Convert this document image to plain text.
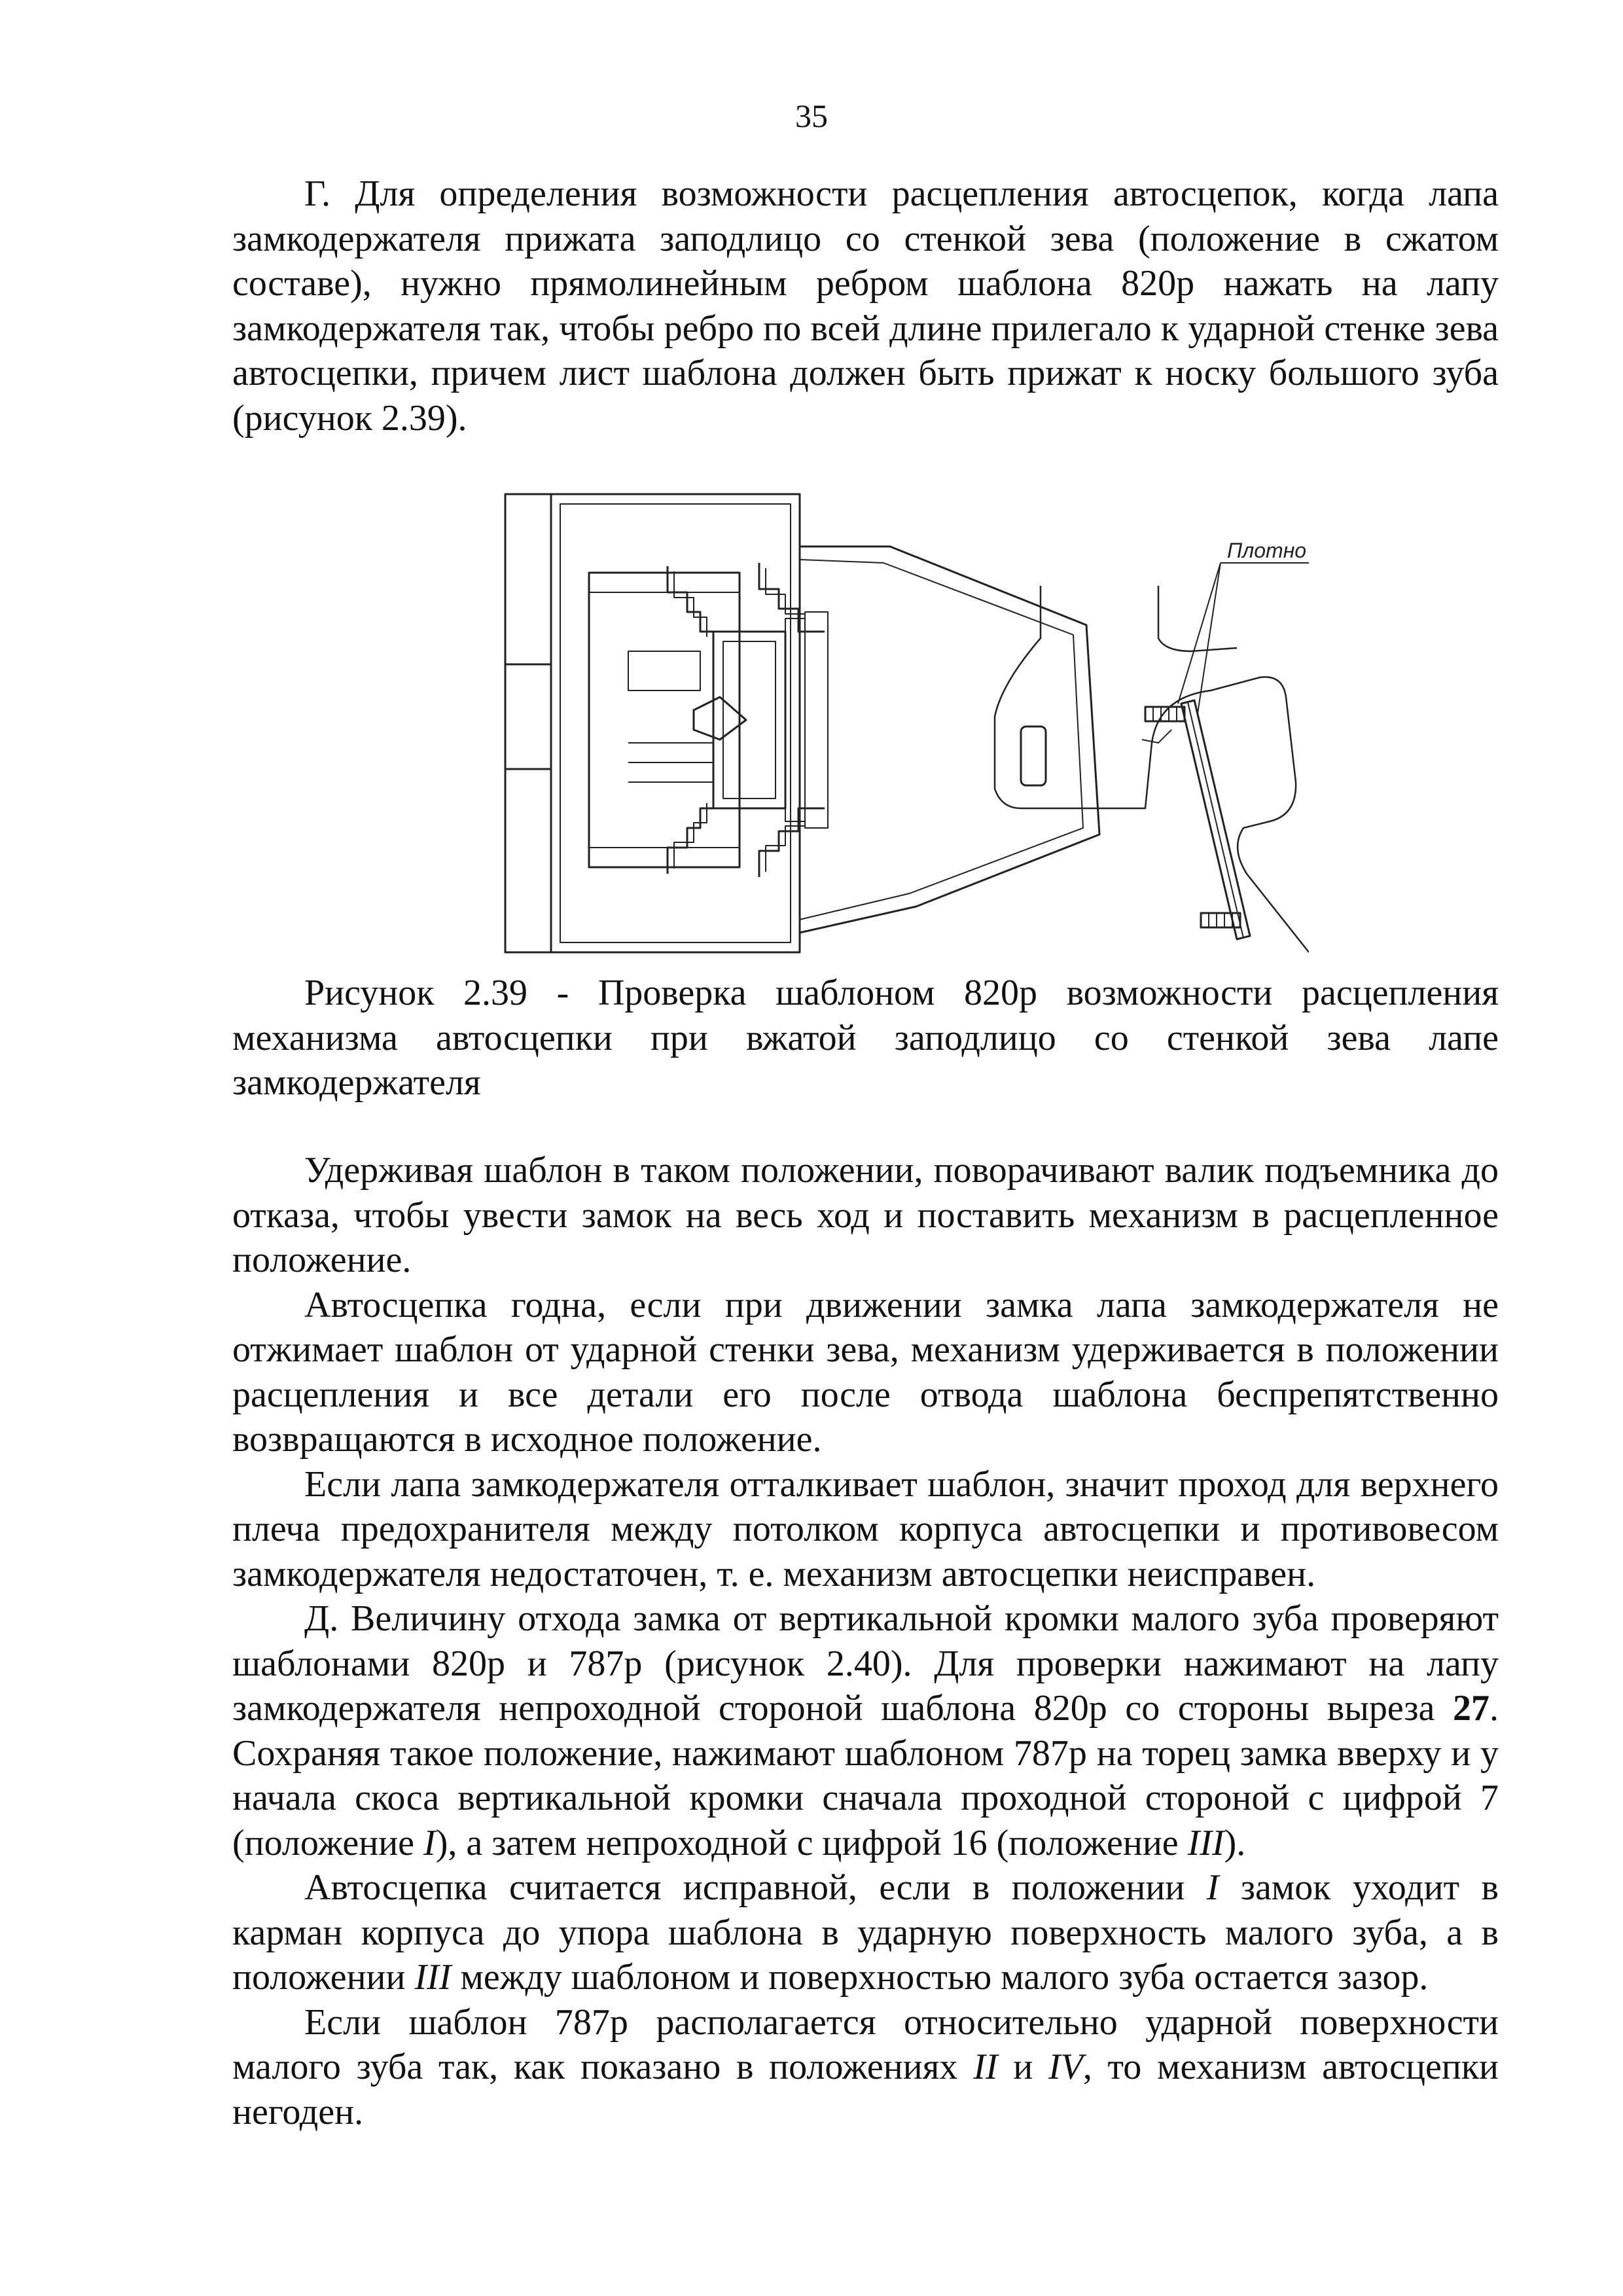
35

Г. Для определения возможности расцепления автосцепок, когда лапа замкодержателя прижата заподлицо со стенкой зева (положение в сжатом составе), нужно прямолинейным ребром шаблона 820р нажать на лапу замкодержателя так, чтобы ребро по всей длине прилегало к ударной стенке зева автосцепки, причем лист шаблона должен быть прижат к носку большого зуба (рисунок 2.39).

Плотно
Рисунок 2.39 - Проверка шаблоном 820р возможности расцепления механизма автосцепки при вжатой заподлицо со стенкой зева лапе замкодержателя

Удерживая шаблон в таком положении, поворачивают валик подъемника до отказа, чтобы увести замок на весь ход и поставить механизм в расцепленное положение.

Автосцепка годна, если при движении замка лапа замкодержателя не отжимает шаблон от ударной стенки зева, механизм удерживается в положении расцепления и все детали его после отвода шаблона беспрепятственно возвращаются в исходное положение.

Если лапа замкодержателя отталкивает шаблон, значит проход для верхнего плеча предохранителя между потолком корпуса автосцепки и противовесом замкодержателя недостаточен, т. е. механизм автосцепки неисправен.

Д. Величину отхода замка от вертикальной кромки малого зуба проверяют шаблонами 820р и 787р (рисунок 2.40). Для проверки нажимают на лапу замкодержателя непроходной стороной шаблона 820р со стороны выреза 27. Сохраняя такое положение, нажимают шаблоном 787р на торец замка вверху и у начала скоса вертикальной кромки сначала проходной стороной с цифрой 7 (положение I), а затем непроходной с цифрой 16 (положение III).

Автосцепка считается исправной, если в положении I замок уходит в карман корпуса до упора шаблона в ударную поверхность малого зуба, а в положении III между шаблоном и поверхностью малого зуба остается зазор.

Если шаблон 787р располагается относительно ударной поверхности малого зуба так, как показано в положениях II и IV, то механизм автосцепки негоден.
